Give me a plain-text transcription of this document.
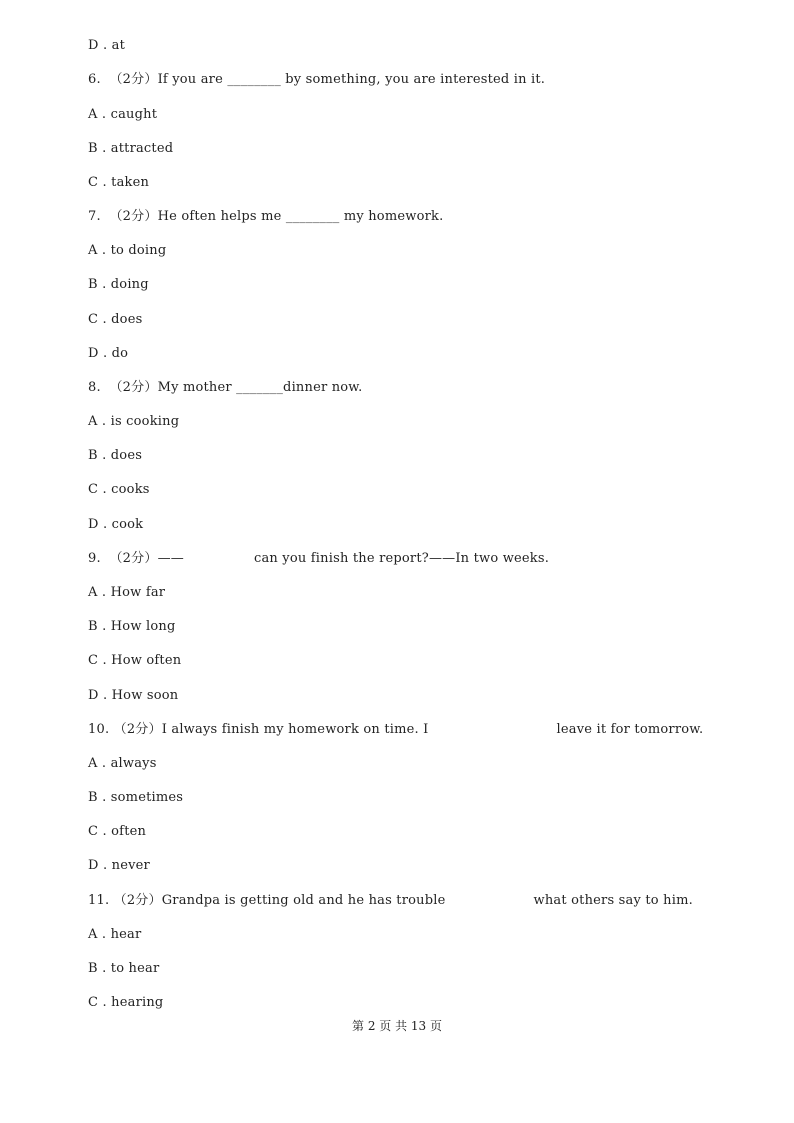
D . at
6. （2分）If you are ________ by something, you are interested in it.
A . caught
B . attracted
C . taken
7. （2分）He often helps me ________ my homework.
A . to doing
B . doing
C . does
D . do
8. （2分）My mother _______dinner now.
A . is cooking
B . does
C . cooks
D . cook
9. （2分）——	can you finish the report?——In two weeks.
A . How far
B . How long
C . How often
D . How soon
10. （2分）I always finish my homework on time. I	leave it for tomorrow.
A . always
B . sometimes
C . often
D . never
11. （2分）Grandpa is getting old and he has trouble	what others say to him.
A . hear
B . to hear
C . hearing
第 2 页 共 13 页
